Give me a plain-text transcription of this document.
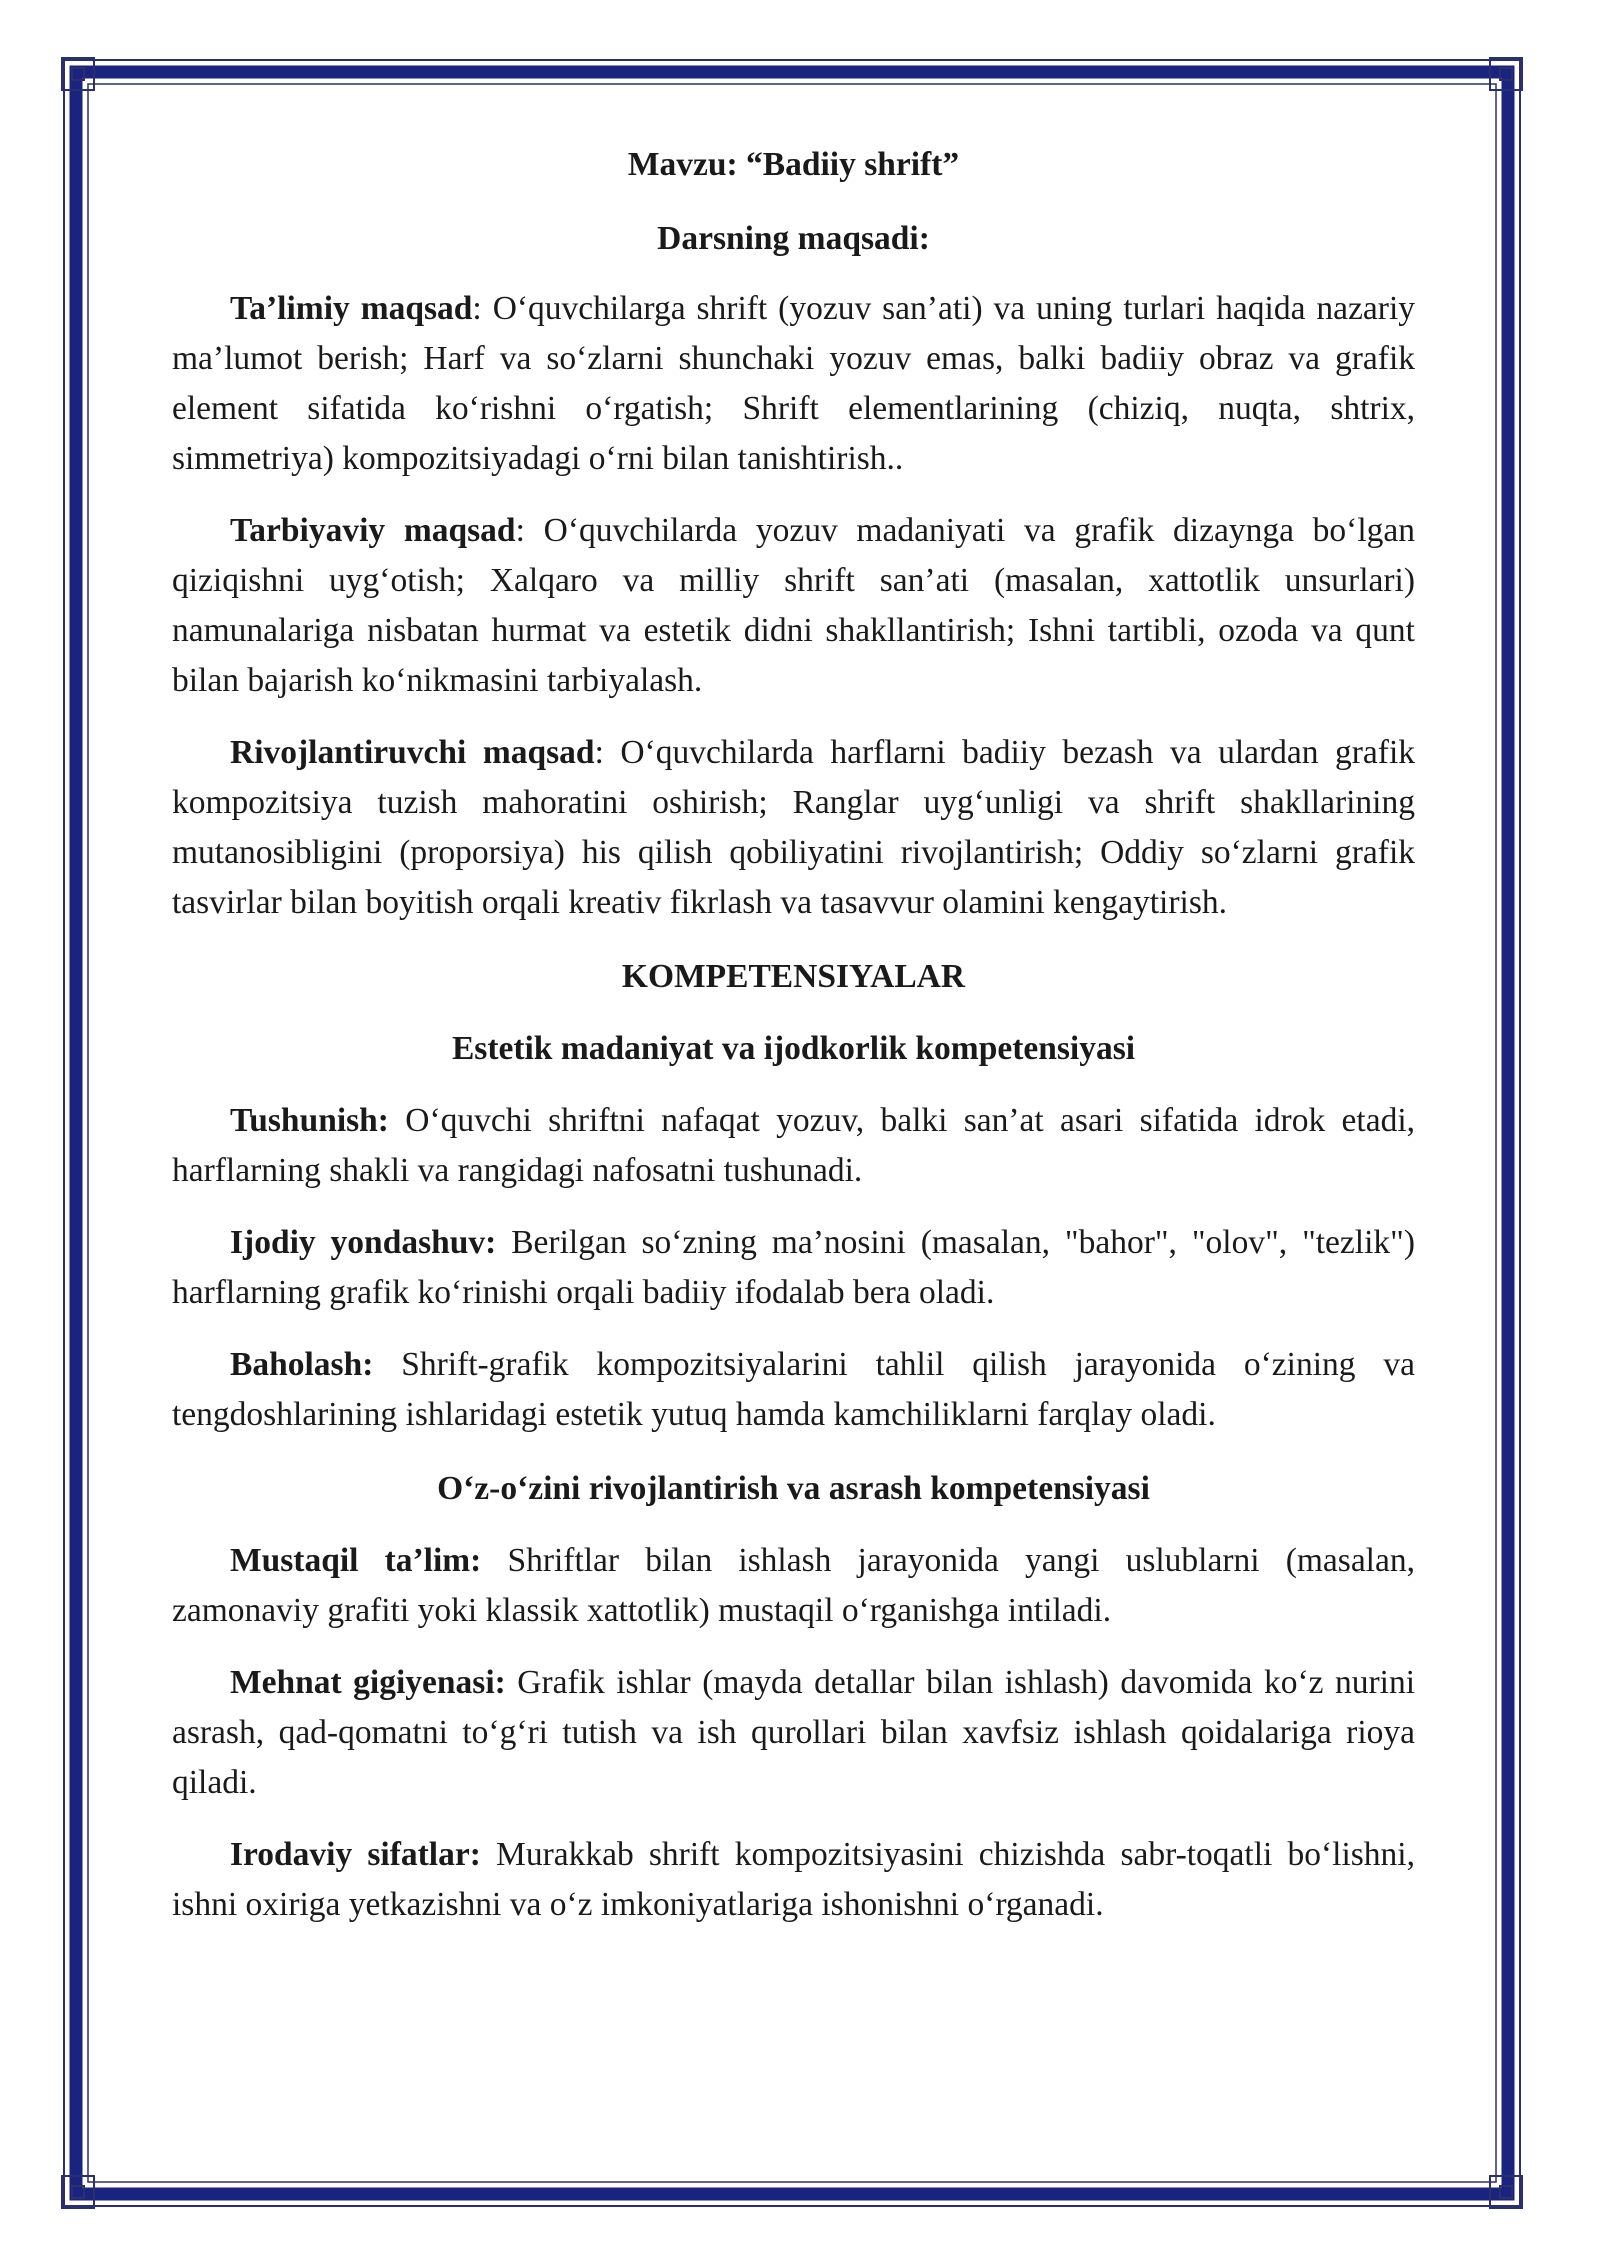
Mavzu: “Badiiy shrift”
Darsning maqsadi:

Ta’limiy maqsad: O‘quvchilarga shrift (yozuv san’ati) va uning turlari haqida nazariy ma’lumot berish; Harf va so‘zlarni shunchaki yozuv emas, balki badiiy obraz va grafik element sifatida ko‘rishni o‘rgatish; Shrift elementlarining (chiziq, nuqta, shtrix, simmetriya) kompozitsiyadagi o‘rni bilan tanishtirish..

Tarbiyaviy maqsad: O‘quvchilarda yozuv madaniyati va grafik dizaynga bo‘lgan qiziqishni uyg‘otish; Xalqaro va milliy shrift san’ati (masalan, xattotlik unsurlari) namunalariga nisbatan hurmat va estetik didni shakllantirish; Ishni tartibli, ozoda va qunt bilan bajarish ko‘nikmasini tarbiyalash.

Rivojlantiruvchi maqsad: O‘quvchilarda harflarni badiiy bezash va ulardan grafik kompozitsiya tuzish mahoratini oshirish; Ranglar uyg‘unligi va shrift shakllarining mutanosibligini (proporsiya) his qilish qobiliyatini rivojlantirish; Oddiy so‘zlarni grafik tasvirlar bilan boyitish orqali kreativ fikrlash va tasavvur olamini kengaytirish.

KOMPETENSIYALAR
Estetik madaniyat va ijodkorlik kompetensiyasi

Tushunish: O‘quvchi shriftni nafaqat yozuv, balki san’at asari sifatida idrok etadi, harflarning shakli va rangidagi nafosatni tushunadi.

Ijodiy yondashuv: Berilgan so‘zning ma’nosini (masalan, "bahor", "olov", "tezlik") harflarning grafik ko‘rinishi orqali badiiy ifodalab bera oladi.

Baholash: Shrift-grafik kompozitsiyalarini tahlil qilish jarayonida o‘zining va tengdoshlarining ishlaridagi estetik yutuq hamda kamchiliklarni farqlay oladi.

O‘z-o‘zini rivojlantirish va asrash kompetensiyasi

Mustaqil ta’lim: Shriftlar bilan ishlash jarayonida yangi uslublarni (masalan, zamonaviy grafiti yoki klassik xattotlik) mustaqil o‘rganishga intiladi.

Mehnat gigiyenasi: Grafik ishlar (mayda detallar bilan ishlash) davomida ko‘z nurini asrash, qad-qomatni to‘g‘ri tutish va ish qurollari bilan xavfsiz ishlash qoidalariga rioya qiladi.

Irodaviy sifatlar: Murakkab shrift kompozitsiyasini chizishda sabr-toqatli bo‘lishni, ishni oxiriga yetkazishni va o‘z imkoniyatlariga ishonishni o‘rganadi.
